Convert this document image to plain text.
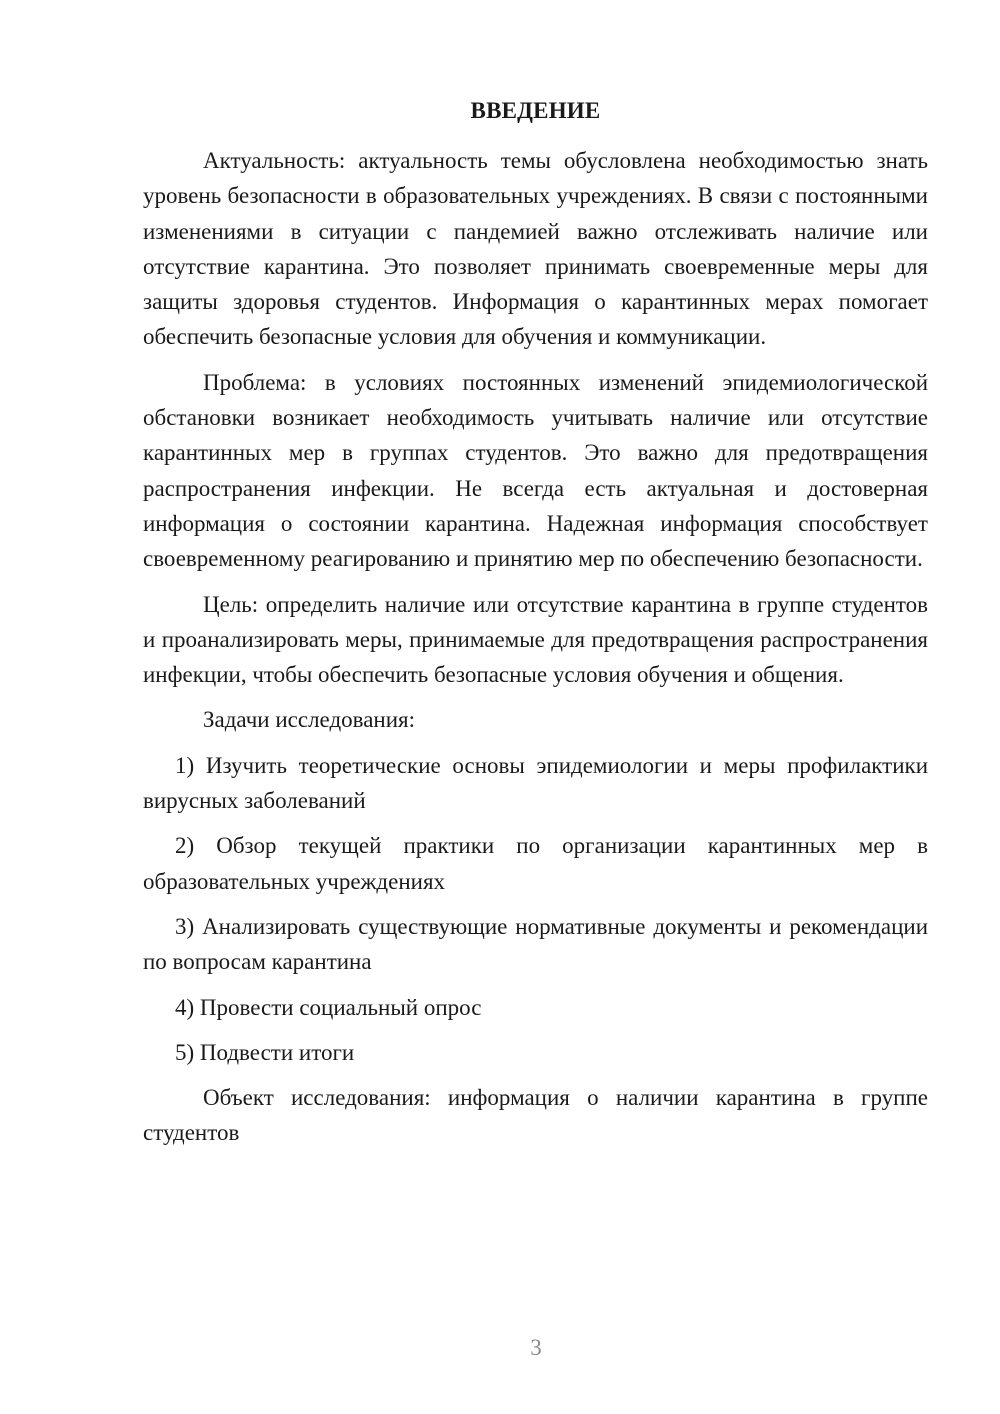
ВВЕДЕНИЕ

Актуальность: актуальность темы обусловлена необходимостью знать уровень безопасности в образовательных учреждениях. В связи с постоянными изменениями в ситуации с пандемией важно отслеживать наличие или отсутствие карантина. Это позволяет принимать своевременные меры для защиты здоровья студентов. Информация о карантинных мерах помогает обеспечить безопасные условия для обучения и коммуникации.

Проблема: в условиях постоянных изменений эпидемиологической обстановки возникает необходимость учитывать наличие или отсутствие карантинных мер в группах студентов. Это важно для предотвращения распространения инфекции. Не всегда есть актуальная и достоверная информация о состоянии карантина. Надежная информация способствует своевременному реагированию и принятию мер по обеспечению безопасности.

Цель: определить наличие или отсутствие карантина в группе студентов и проанализировать меры, принимаемые для предотвращения распространения инфекции, чтобы обеспечить безопасные условия обучения и общения.

Задачи исследования:

1) Изучить теоретические основы эпидемиологии и меры профилактики вирусных заболеваний

2) Обзор текущей практики по организации карантинных мер в образовательных учреждениях

3) Анализировать существующие нормативные документы и рекомендации по вопросам карантина

4) Провести социальный опрос

5) Подвести итоги

Объект исследования: информация о наличии карантина в группе студентов

3
